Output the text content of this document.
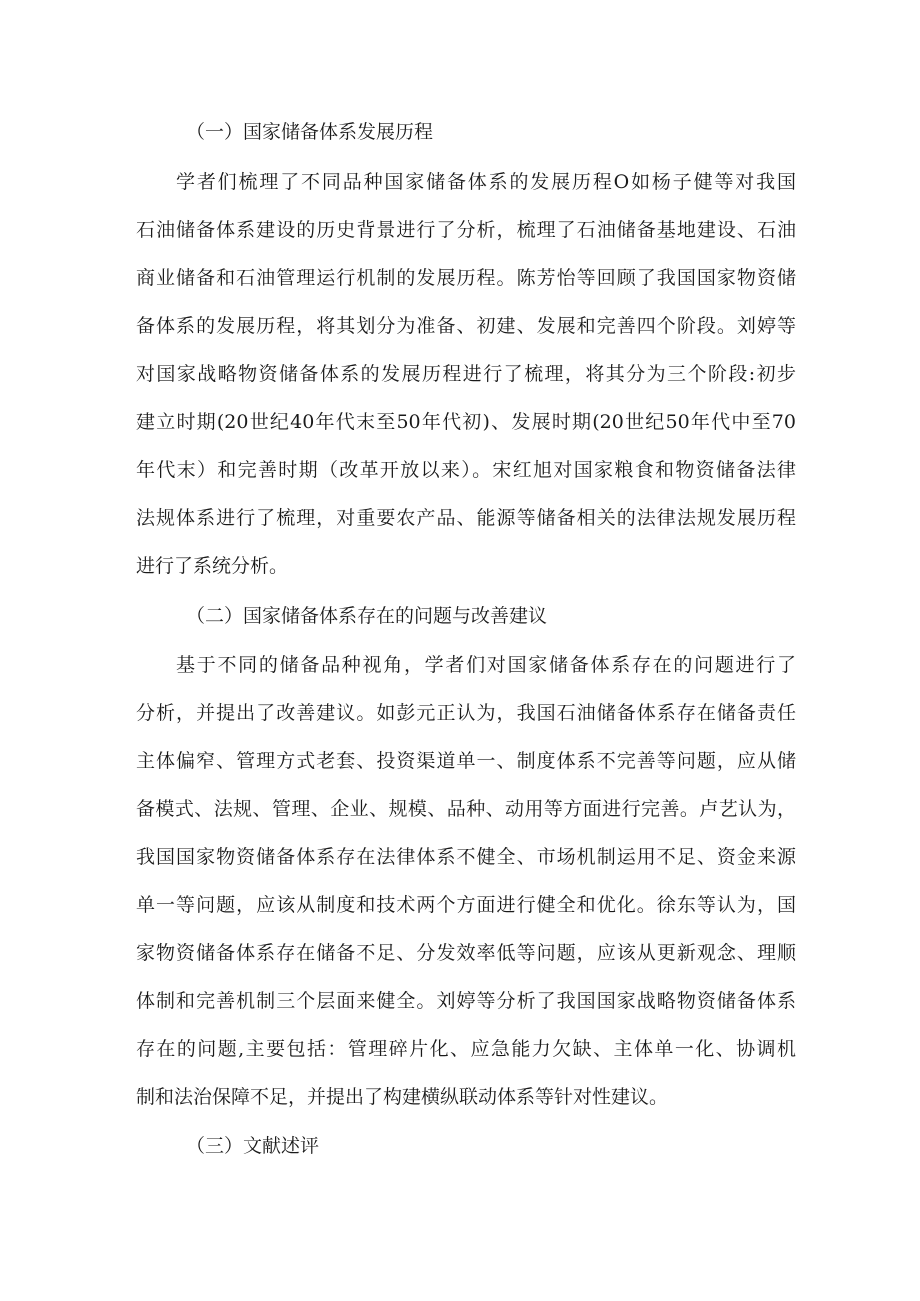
（一）国家储备体系发展历程
学者们梳理了不同品种国家储备体系的发展历程O如杨子健等对我国
石油储备体系建设的历史背景进行了分析，梳理了石油储备基地建设、石油
商业储备和石油管理运行机制的发展历程。陈芳怡等回顾了我国国家物资储
备体系的发展历程，将其划分为准备、初建、发展和完善四个阶段。刘婷等
对国家战略物资储备体系的发展历程进行了梳理，将其分为三个阶段:初步
建立时期(20世纪40年代末至50年代初)、发展时期(20世纪50年代中至70
年代末）和完善时期（改革开放以来）。宋红旭对国家粮食和物资储备法律
法规体系进行了梳理，对重要农产品、能源等储备相关的法律法规发展历程
进行了系统分析。
（二）国家储备体系存在的问题与改善建议
基于不同的储备品种视角，学者们对国家储备体系存在的问题进行了
分析，并提出了改善建议。如彭元正认为，我国石油储备体系存在储备责任
主体偏窄、管理方式老套、投资渠道单一、制度体系不完善等问题，应从储
备模式、法规、管理、企业、规模、品种、动用等方面进行完善。卢艺认为，
我国国家物资储备体系存在法律体系不健全、市场机制运用不足、资金来源
单一等问题，应该从制度和技术两个方面进行健全和优化。徐东等认为，国
家物资储备体系存在储备不足、分发效率低等问题，应该从更新观念、理顺
体制和完善机制三个层面来健全。刘婷等分析了我国国家战略物资储备体系
存在的问题,主要包括：管理碎片化、应急能力欠缺、主体单一化、协调机
制和法治保障不足，并提出了构建横纵联动体系等针对性建议。
（三）文献述评
